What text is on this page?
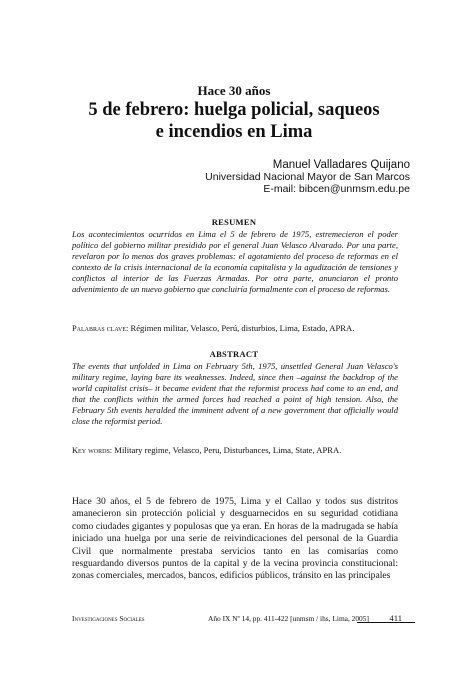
Hace 30 años
5 de febrero: huelga policial, saqueos
e incendios en Lima
Manuel Valladares Quijano
Universidad Nacional Mayor de San Marcos
E-mail: bibcen@unmsm.edu.pe
RESUMEN
Los acontecimientos ocurridos en Lima el 5 de febrero de 1975, estremecieron el poder político del gobierno militar presidido por el general Juan Velasco Alvarado. Por una parte, revelaron por lo menos dos graves problemas: el agotamiento del proceso de reformas en el contexto de la crisis internacional de la economía capitalista y la agudización de tensiones y conflictos al interior de las Fuerzas Armadas. Por otra parte, anunciaron el pronto advenimiento de un nuevo gobierno que concluiría formalmente con el proceso de reformas.
Palabras clave: Régimen militar, Velasco, Perú, disturbios, Lima, Estado, APRA.
ABSTRACT
The events that unfolded in Lima on February 5th, 1975, unsettled General Juan Velasco's military regime, laying bare its weaknesses. Indeed, since then –against the backdrop of the world capitalist crisis– it became evident that the reformist process had come to an end, and that the conflicts within the armed forces had reached a point of high tension. Also, the February 5th events heralded the imminent advent of a new government that officially would close the reformist period.
Key words: Military regime, Velasco, Peru, Disturbances, Lima, State, APRA.
Hace 30 años, el 5 de febrero de 1975, Lima y el Callao y todos sus distritos amanecieron sin protección policial y desguarnecidos en su seguridad cotidiana como ciudades gigantes y populosas que ya eran. En horas de la madrugada se había iniciado una huelga por una serie de reivindicaciones del personal de la Guardia Civil que normalmente prestaba servicios tanto en las comisarías como resguardando diversos puntos de la capital y de la vecina provincia constitucional: zonas comerciales, mercados, bancos, edificios públicos, tránsito en las principales
Investigaciones Sociales	Año IX Nº 14, pp. 411-422 [unmsm / ihs, Lima, 2005] 411
